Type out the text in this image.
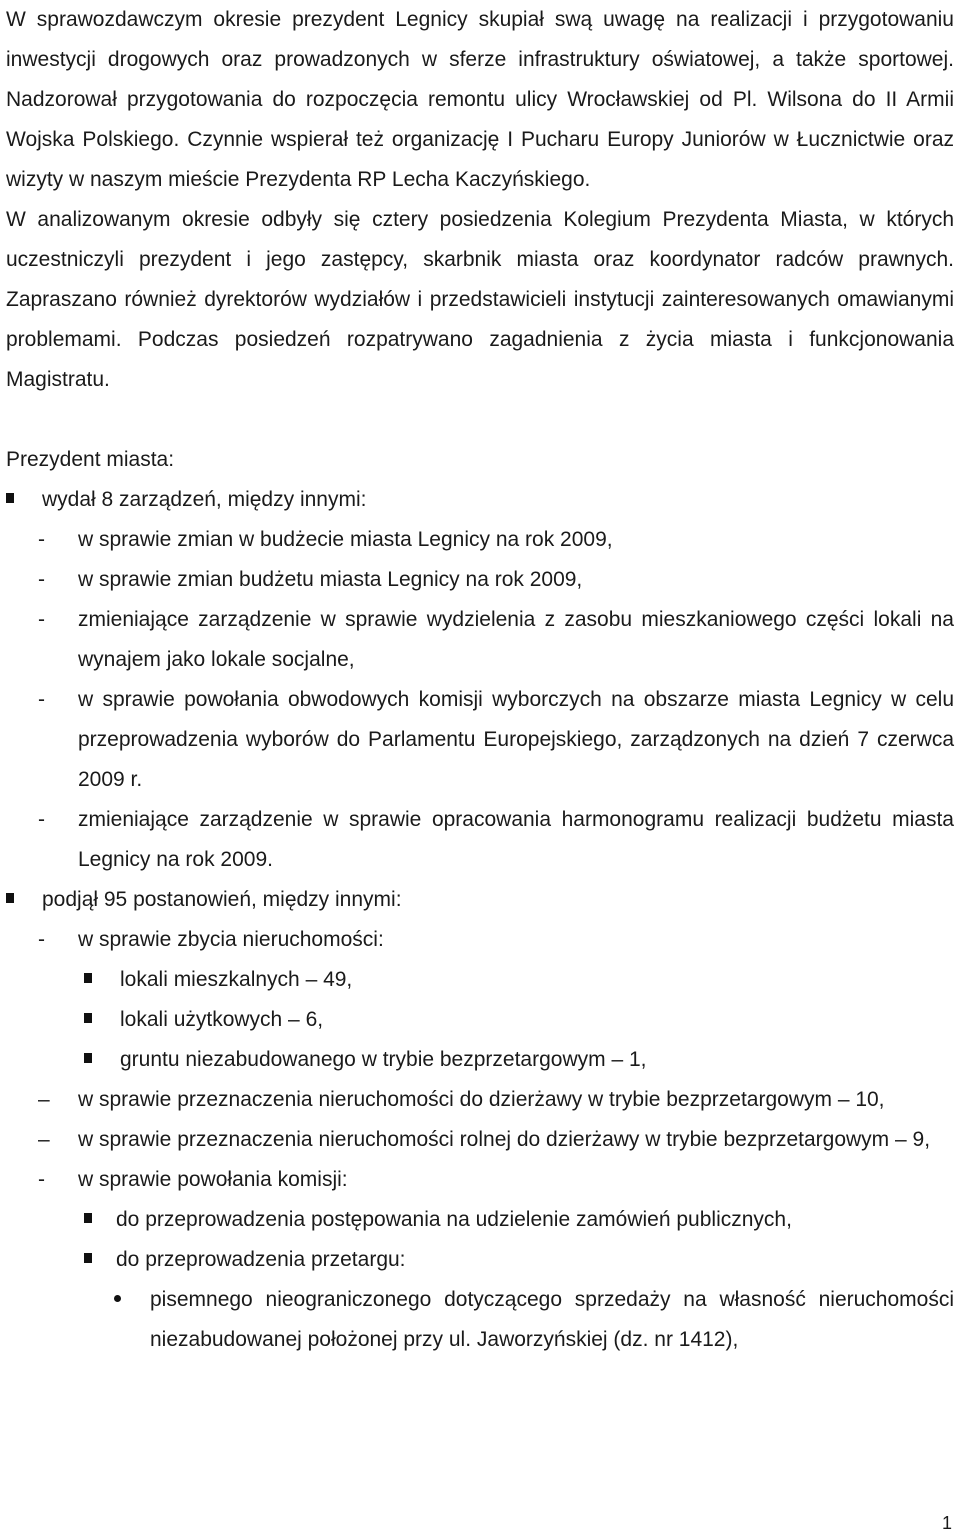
W sprawozdawczym okresie prezydent Legnicy skupiał swą uwagę na realizacji i przygotowaniu inwestycji drogowych oraz prowadzonych w sferze infrastruktury oświatowej, a także sportowej. Nadzorował przygotowania do rozpoczęcia remontu ulicy Wrocławskiej od Pl. Wilsona do II Armii Wojska Polskiego. Czynnie wspierał też organizację I Pucharu Europy Juniorów w Łucznictwie oraz wizyty w naszym mieście Prezydenta RP Lecha Kaczyńskiego.

W analizowanym okresie odbyły się cztery posiedzenia Kolegium Prezydenta Miasta, w których uczestniczyli prezydent i jego zastępcy, skarbnik miasta oraz koordynator radców prawnych. Zapraszano również dyrektorów wydziałów i przedstawicieli instytucji zainteresowanych omawianymi problemami. Podczas posiedzeń rozpatrywano zagadnienia z życia miasta i funkcjonowania Magistratu.

Prezydent miasta:

wydał 8 zarządzeń, między innymi:
- w sprawie zmian w budżecie miasta Legnicy na rok 2009,
- w sprawie zmian budżetu miasta Legnicy na rok 2009,
- zmieniające zarządzenie w sprawie wydzielenia z zasobu mieszkaniowego części lokali na wynajem jako lokale socjalne,
- w sprawie powołania obwodowych komisji wyborczych na obszarze miasta Legnicy w celu przeprowadzenia wyborów do Parlamentu Europejskiego, zarządzonych na dzień 7 czerwca 2009 r.
- zmieniające zarządzenie w sprawie opracowania harmonogramu realizacji budżetu miasta Legnicy na rok 2009.
podjął 95 postanowień, między innymi:
- w sprawie zbycia nieruchomości:
lokali mieszkalnych – 49,
lokali użytkowych – 6,
gruntu niezabudowanego w trybie bezprzetargowym – 1,
– w sprawie przeznaczenia nieruchomości do dzierżawy w trybie bezprzetargowym – 10,
– w sprawie przeznaczenia nieruchomości rolnej do dzierżawy w trybie bezprzetargowym – 9,
- w sprawie powołania komisji:
do przeprowadzenia postępowania na udzielenie zamówień publicznych,
do przeprowadzenia przetargu:
pisemnego nieograniczonego dotyczącego sprzedaży na własność nieruchomości niezabudowanej położonej przy ul. Jaworzyńskiej (dz. nr 1412),
1
